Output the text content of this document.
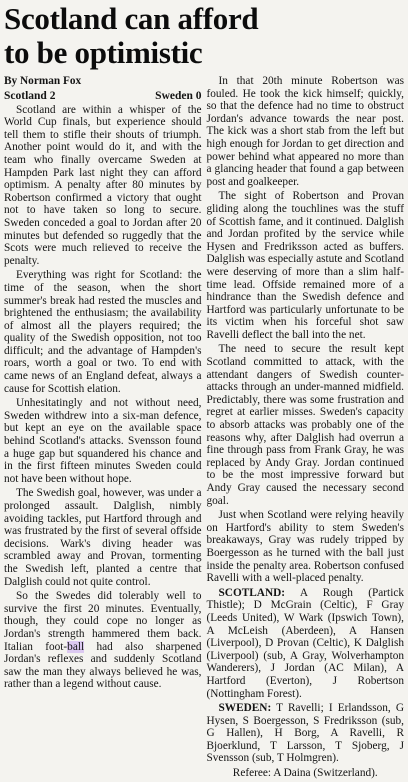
Scotland can afford
to be optimistic

By Norman Fox

Scotland 2	Sweden 0

Scotland are within a whisper of the World Cup finals, but experience should tell them to stifle their shouts of triumph. Another point would do it, and with the team who finally overcame Sweden at Hampden Park last night they can afford optimism. A penalty after 80 minutes by Robertson confirmed a victory that ought not to have taken so long to secure. Sweden conceded a goal to Jordan after 20 minutes but defended so ruggedly that the Scots were much relieved to receive the penalty.

Everything was right for Scotland: the time of the season, when the short summer's break had rested the muscles and brightened the enthusiasm; the availability of almost all the players required; the quality of the Swedish opposition, not too difficult; and the advantage of Hampden's roars, worth a goal or two. To end with came news of an England defeat, always a cause for Scottish elation.

Unhesitatingly and not without need, Sweden withdrew into a six-man defence, but kept an eye on the available space behind Scotland's attacks. Svensson found a huge gap but squandered his chance and in the first fifteen minutes Sweden could not have been without hope.

The Swedish goal, however, was under a prolonged assault. Dalglish, nimbly avoiding tackles, put Hartford through and was frustrated by the first of several offside decisions. Wark's diving header was scrambled away and Provan, tormenting the Swedish left, planted a centre that Dalglish could not quite control.

So the Swedes did tolerably well to survive the first 20 minutes. Eventually, though, they could cope no longer as Jordan's strength hammered them back. Italian foot-ball had also sharpened Jordan's reflexes and suddenly Scotland saw the man they always believed he was, rather than a legend without cause.

In that 20th minute Robertson was fouled. He took the kick himself; quickly, so that the defence had no time to obstruct Jordan's advance towards the near post. The kick was a short stab from the left but high enough for Jordan to get direction and power behind what appeared no more than a glancing header that found a gap between post and goalkeeper.

The sight of Robertson and Provan gliding along the touchlines was the stuff of Scottish fame, and it continued. Dalglish and Jordan profited by the service while Hysen and Fredriksson acted as buffers. Dalglish was especially astute and Scotland were deserving of more than a slim half-time lead. Offside remained more of a hindrance than the Swedish defence and Hartford was particularly unfortunate to be its victim when his forceful shot saw Ravelli deflect the ball into the net.

The need to secure the result kept Scotland committed to attack, with the attendant dangers of Swedish counter-attacks through an under-manned midfield. Predictably, there was some frustration and regret at earlier misses. Sweden's capacity to absorb attacks was probably one of the reasons why, after Dalglish had overrun a fine through pass from Frank Gray, he was replaced by Andy Gray. Jordan continued to be the most impressive forward but Andy Gray caused the necessary second goal.

Just when Scotland were relying heavily on Hartford's ability to stem Sweden's breakaways, Gray was rudely tripped by Boergesson as he turned with the ball just inside the penalty area. Robertson confused Ravelli with a well-placed penalty.

SCOTLAND: A Rough (Partick Thistle); D McGrain (Celtic), F Gray (Leeds United), W Wark (Ipswich Town), A McLeish (Aberdeen), A Hansen (Liverpool), D Provan (Celtic), K Dalglish (Liverpool) (sub, A Gray, Wolverhampton Wanderers), J Jordan (AC Milan), A Hartford (Everton), J Robertson (Nottingham Forest).

SWEDEN: T Ravelli; I Erlandsson, G Hysen, S Boergesson, S Fredriksson (sub, G Hallen), H Borg, A Ravelli, R Bjoerklund, T Larsson, T Sjoberg, J Svensson (sub, T Holmgren).

Referee: A Daina (Switzerland).
